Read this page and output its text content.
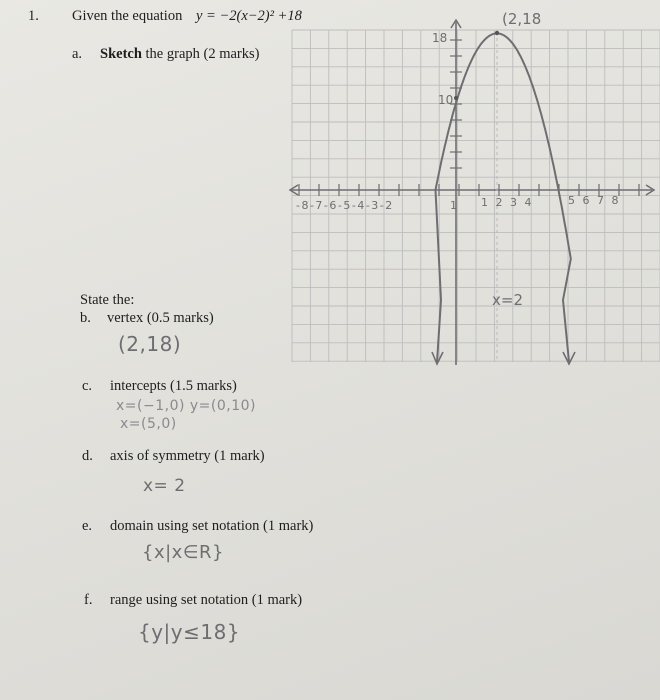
1. Given the equation y = −2(x−2)² +18
a. Sketch the graph (2 marks)
State the:
b. vertex (0.5 marks)
(2,18)
c. intercepts (1.5 marks)
x=(−1,0) y=(0,10)
x=(5,0)
d. axis of symmetry (1 mark)
x= 2
e. domain using set notation (1 mark)
{x|x∈R}
f. range using set notation (1 mark)
{y|y≤18}
(2,18
18
10
x=2
-8-7-6-5-4-3-2	1 1 2 3 4	5 6 7 8
